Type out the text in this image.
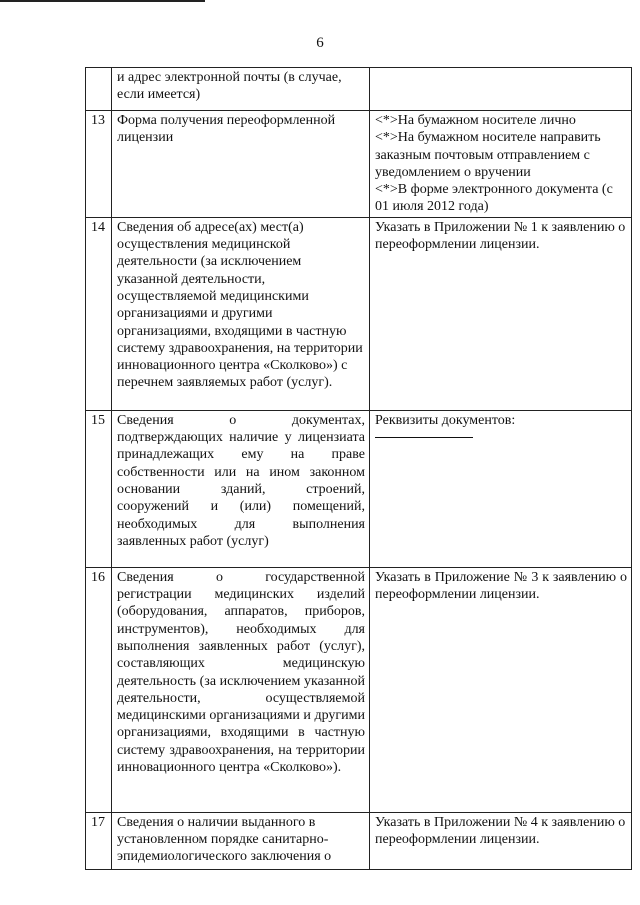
6
	и адрес электронной почты (в случае, если имеется)	
13	Форма получения переоформленной лицензии	<*>На бумажном носителе лично
<*>На бумажном носителе направить заказным почтовым отправлением с уведомлением о вручении
<*>В форме электронного документа (с 01 июля 2012 года)

14	Сведения об адресе(ах) мест(а) осуществления медицинской деятельности (за исключением указанной деятельности, осуществляемой медицинскими организациями и другими организациями, входящими в частную систему здравоохранения, на территории инновационного центра «Сколково») с перечнем заявляемых работ (услуг).	Указать в Приложении № 1 к заявлению о переоформлении лицензии.
15	Сведения о документах, подтверждающих наличие у лицензиата принадлежащих ему на праве собственности или на ином законном основании зданий, строений, сооружений и (или) помещений, необходимых для выполнения заявленных работ (услуг)	Реквизиты документов:

16	Сведения о государственной регистрации медицинских изделий (оборудования, аппаратов, приборов, инструментов), необходимых для выполнения заявленных работ (услуг), составляющих медицинскую деятельность (за исключением указанной деятельности, осуществляемой медицинскими организациями и другими организациями, входящими в частную систему здравоохранения, на территории инновационного центра «Сколково»).	Указать в Приложение № 3 к заявлению о переоформлении лицензии.
17	Сведения о наличии выданного в установленном порядке санитарно-эпидемиологического заключения о	Указать в Приложении № 4 к заявлению о переоформлении лицензии.
